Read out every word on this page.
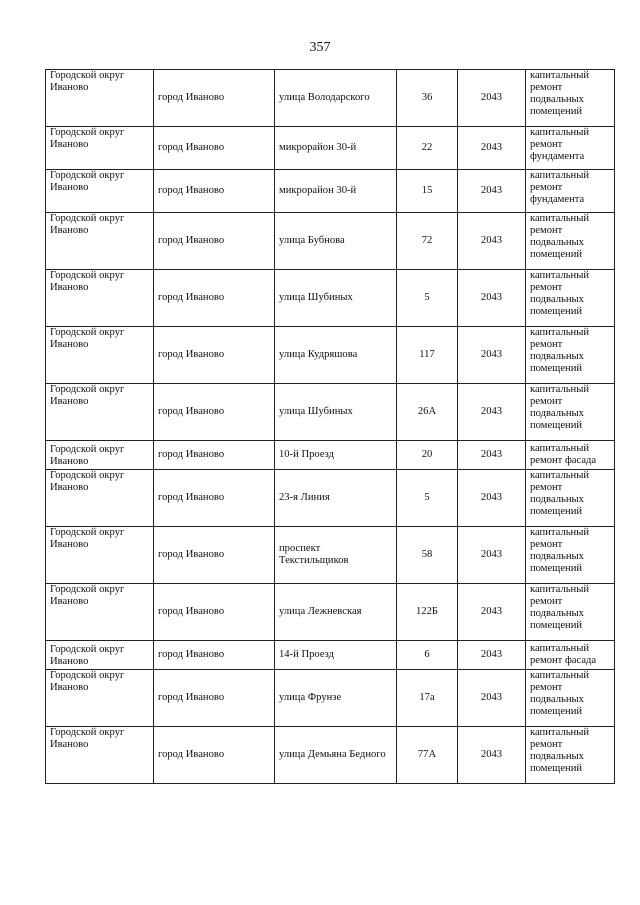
357
Городской округ Иваново	город Иваново	улица Володарского	36	2043	капитальный ремонт подвальных помещений
Городской округ Иваново	город Иваново	микрорайон 30-й	22	2043	капитальный ремонт фундамента
Городской округ Иваново	город Иваново	микрорайон 30-й	15	2043	капитальный ремонт фундамента
Городской округ Иваново	город Иваново	улица Бубнова	72	2043	капитальный ремонт подвальных помещений
Городской округ Иваново	город Иваново	улица Шубиных	5	2043	капитальный ремонт подвальных помещений
Городской округ Иваново	город Иваново	улица Кудряшова	117	2043	капитальный ремонт подвальных помещений
Городской округ Иваново	город Иваново	улица Шубиных	26А	2043	капитальный ремонт подвальных помещений
Городской округ Иваново	город Иваново	10-й Проезд	20	2043	капитальный ремонт фасада
Городской округ Иваново	город Иваново	23-я Линия	5	2043	капитальный ремонт подвальных помещений
Городской округ Иваново	город Иваново	проспект Текстильщиков	58	2043	капитальный ремонт подвальных помещений
Городской округ Иваново	город Иваново	улица Лежневская	122Б	2043	капитальный ремонт подвальных помещений
Городской округ Иваново	город Иваново	14-й Проезд	6	2043	капитальный ремонт фасада
Городской округ Иваново	город Иваново	улица Фрунзе	17а	2043	капитальный ремонт подвальных помещений
Городской округ Иваново	город Иваново	улица Демьяна Бедного	77А	2043	капитальный ремонт подвальных помещений
